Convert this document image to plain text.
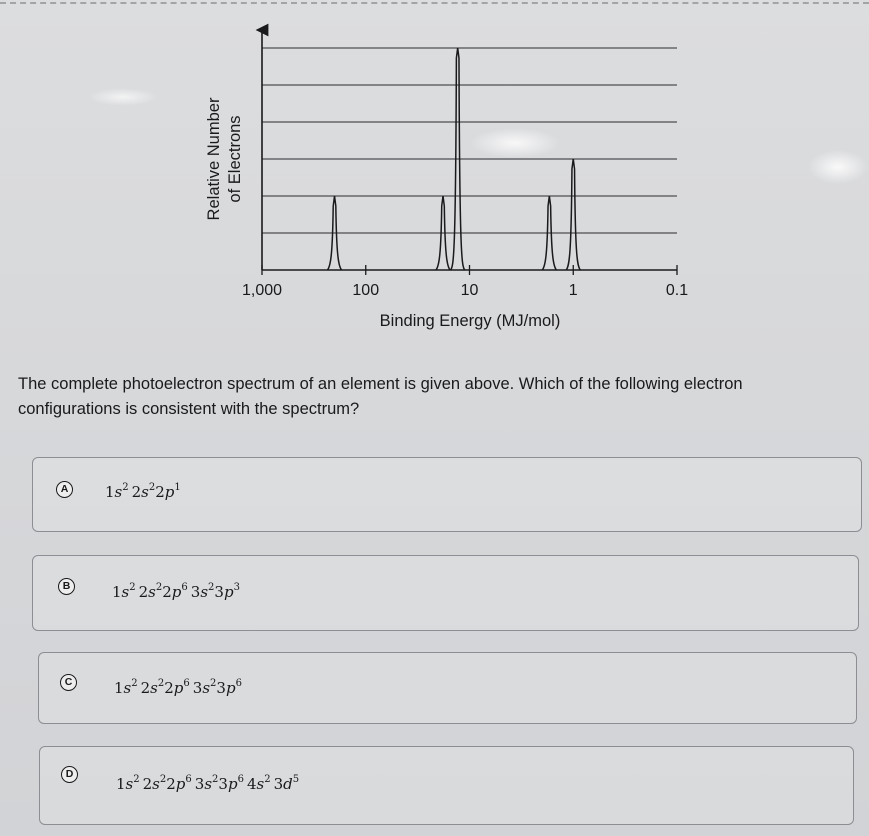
1,000	100	10	1	0.1
Relative Number of Electrons
Binding Energy (MJ/mol)
The complete photoelectron spectrum of an element is given above. Which of the following electron configurations is consistent with the spectrum?
A	$1s^2$  $2s^22p^1$
B	$1s^2$  $2s^22p^6$  $3s^23p^3$
C	$1s^2$  $2s^22p^6$  $3s^23p^6$
D
$1s^2$  $2s^22p^6$  $3s^23p^6$  $4s^2$  $3d^5$
